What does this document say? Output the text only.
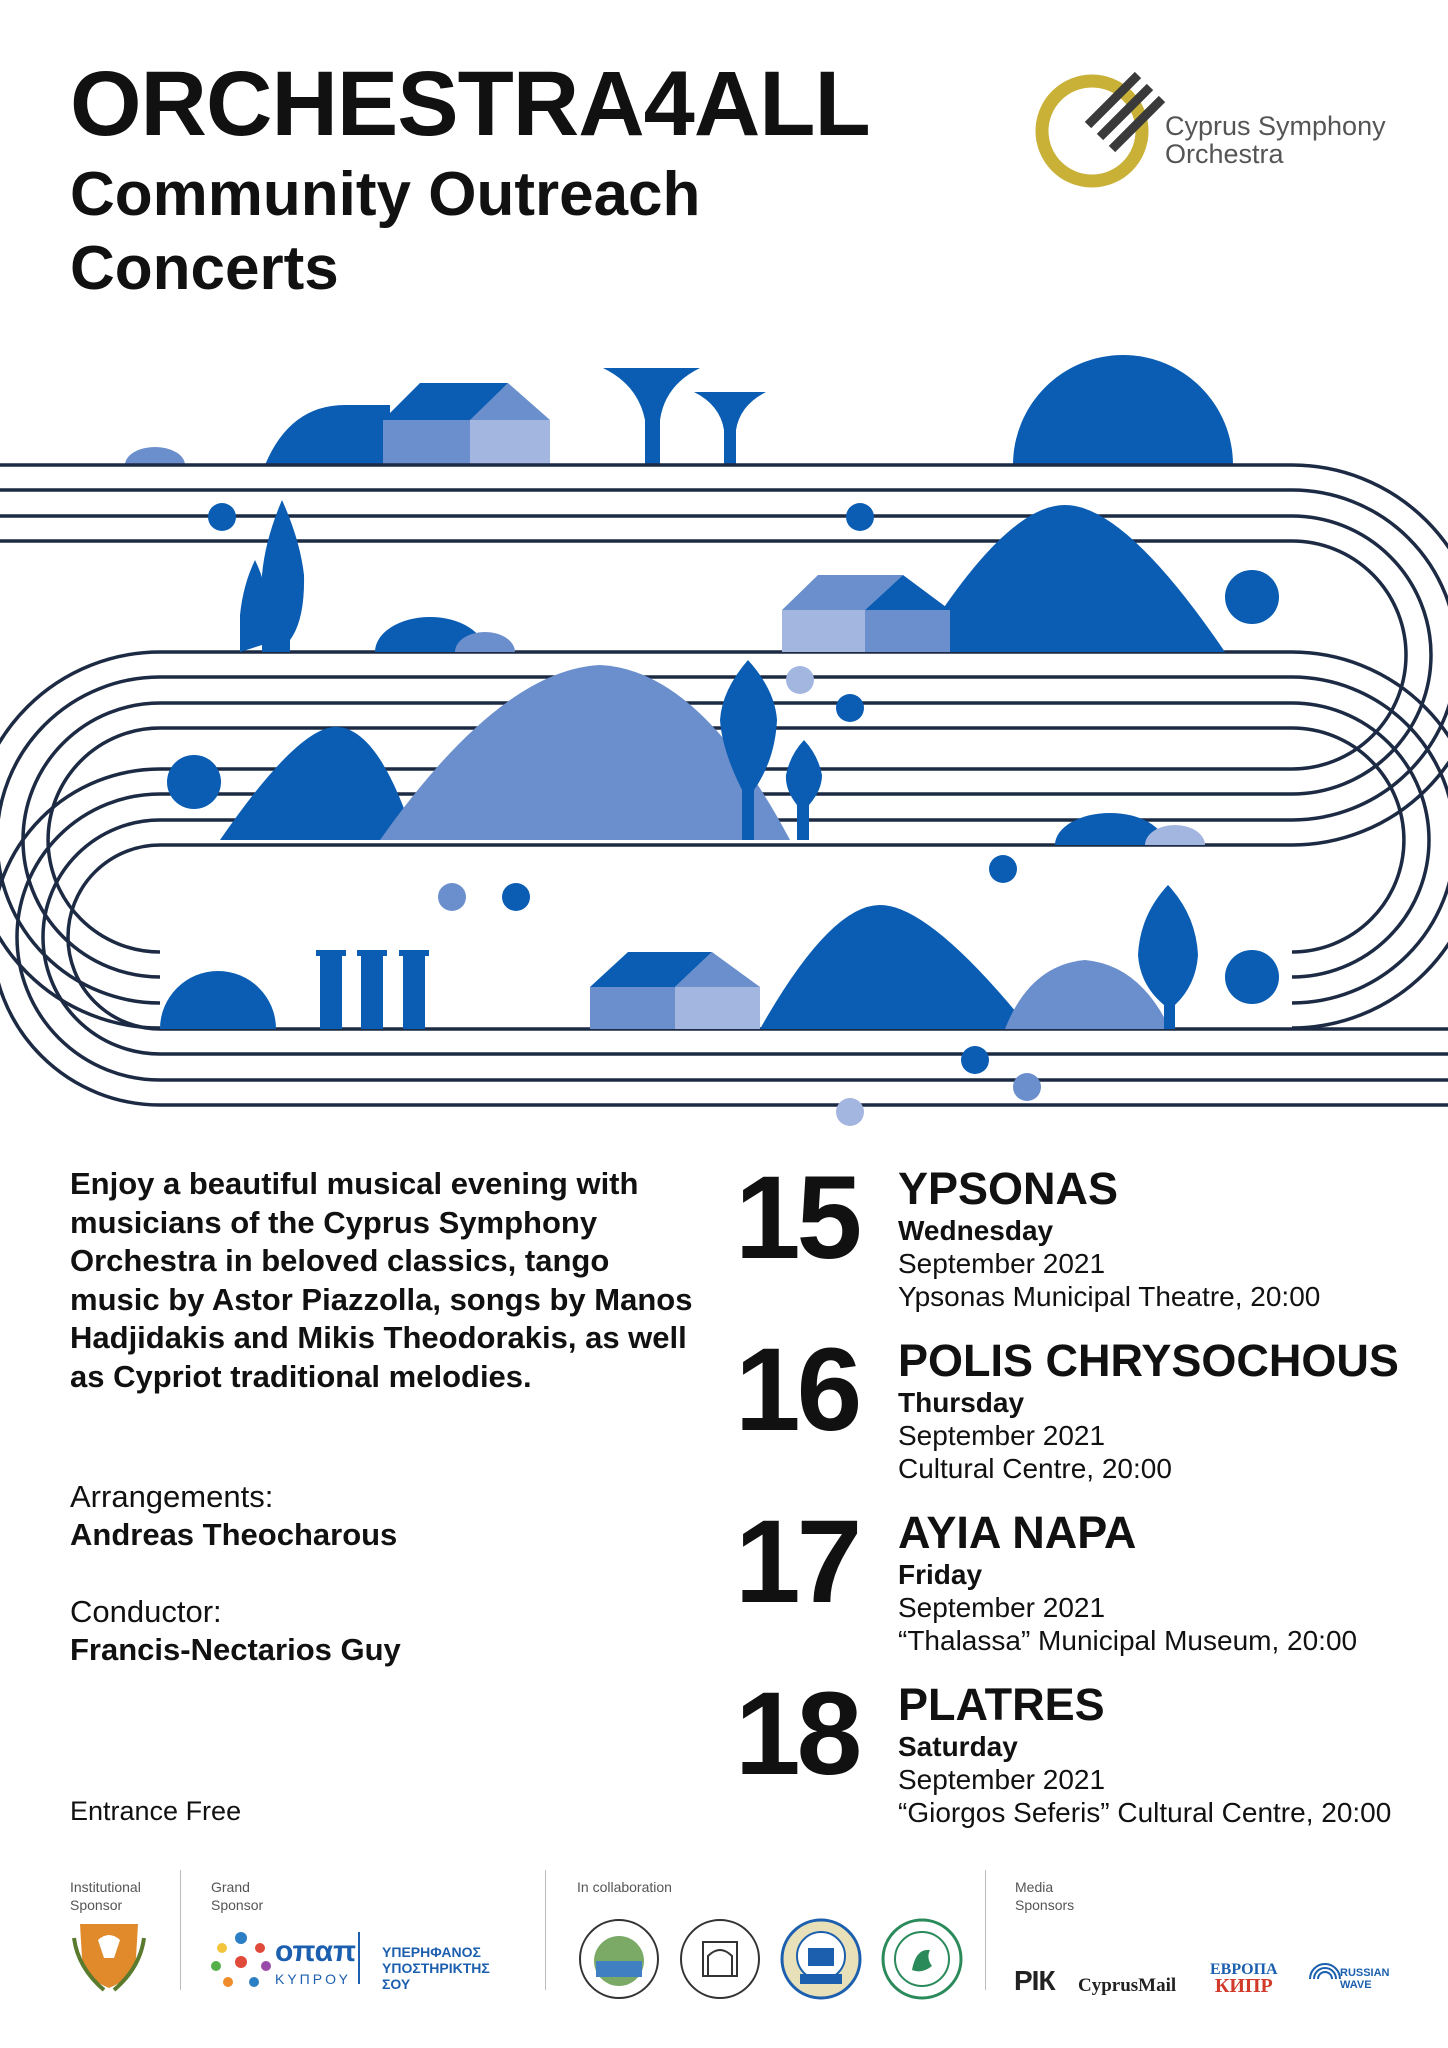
ORCHESTRA4ALL
Community Outreach Concerts
Cyprus Symphony
Orchestra
Enjoy a beautiful musical evening with musicians of the Cyprus Symphony Orchestra in beloved classics, tango music by Astor Piazzolla, songs by Manos Hadjidakis and Mikis Theodorakis, as well as Cypriot traditional melodies.
Arrangements:
Andreas Theocharous
Conductor:
Francis-Nectarios Guy
Entrance Free
15 YPSONAS
Wednesday
September 2021
Ypsonas Municipal Theatre, 20:00
16 POLIS CHRYSOCHOUS
Thursday
September 2021
Cultural Centre, 20:00
17 AYIA NAPA
Friday
September 2021
“Thalassa” Municipal Museum, 20:00
18 PLATRES
Saturday
September 2021
“Giorgos Seferis” Cultural Centre, 20:00
Institutional
Sponsor
Grand
Sponsor
οπαπ
ΚΥΠΡΟΥ
ΥΠΕΡΗΦΑΝΟΣ
ΥΠΟΣΤΗΡΙΚΤΗΣ
ΣΟΥ
In collaboration	Media
Sponsors
РІК CyprusMail
ΕΒΡΟΠΑ
КИПР
RUSSIAN
WAVE
